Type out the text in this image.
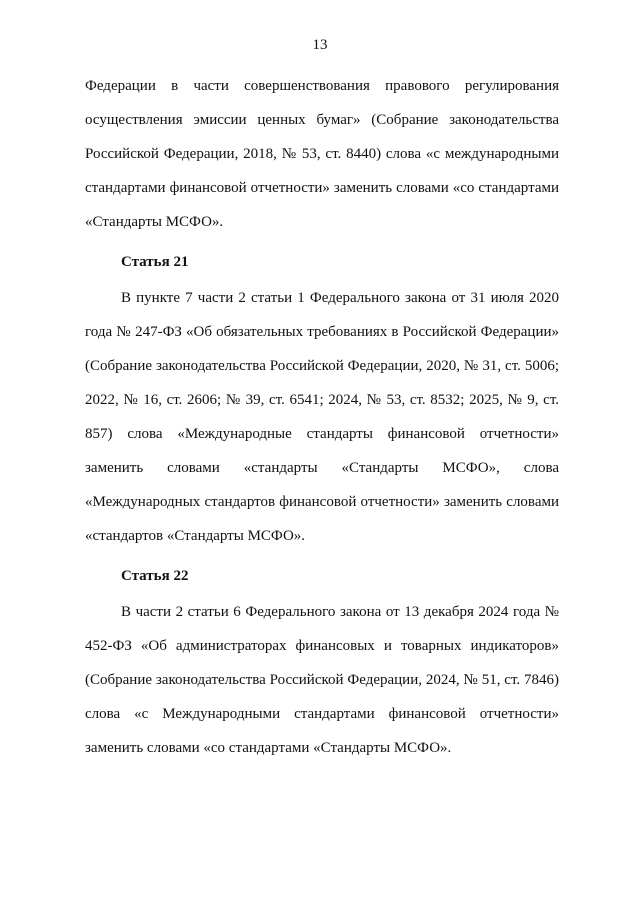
13

Федерации в части совершенствования правового регулирования осуществления эмиссии ценных бумаг» (Собрание законодательства Российской Федерации, 2018, № 53, ст. 8440) слова «с международными стандартами финансовой отчетности» заменить словами «со стандартами «Стандарты МСФО».

Статья 21

В пункте 7 части 2 статьи 1 Федерального закона от 31 июля 2020 года № 247-ФЗ «Об обязательных требованиях в Российской Федерации» (Собрание законодательства Российской Федерации, 2020, № 31, ст. 5006; 2022, № 16, ст. 2606; № 39, ст. 6541; 2024, № 53, ст. 8532; 2025, № 9, ст. 857) слова «Международные стандарты финансовой отчетности» заменить словами «стандарты «Стандарты МСФО», слова «Международных стандартов финансовой отчетности» заменить словами «стандартов «Стандарты МСФО».

Статья 22

В части 2 статьи 6 Федерального закона от 13 декабря 2024 года № 452-ФЗ «Об администраторах финансовых и товарных индикаторов» (Собрание законодательства Российской Федерации, 2024, № 51, ст. 7846) слова «с Международными стандартами финансовой отчетности» заменить словами «со стандартами «Стандарты МСФО».
